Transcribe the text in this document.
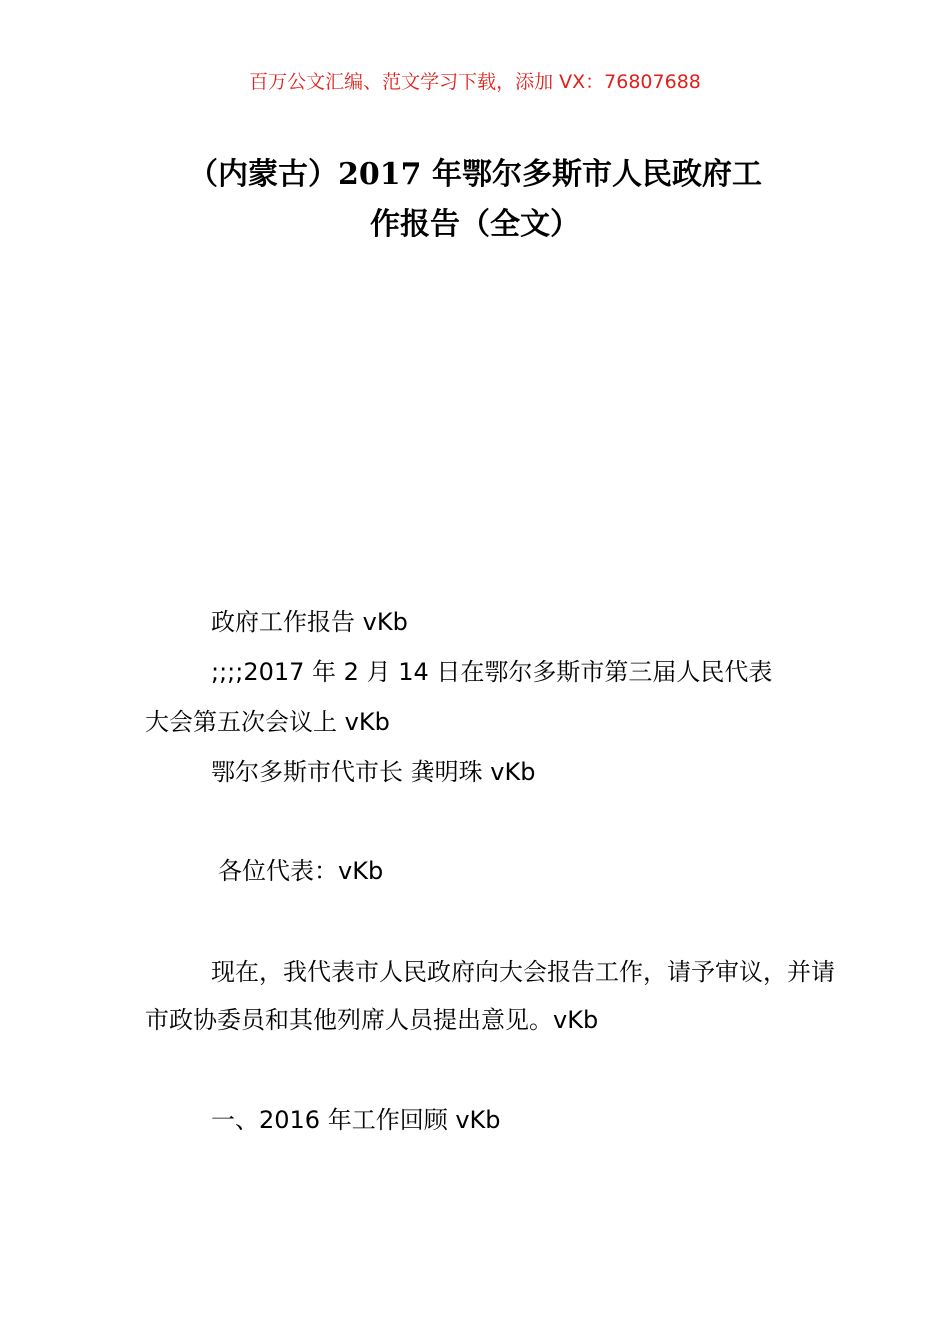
百万公文汇编、范文学习下载，添加 VX：76807688
（内蒙古）2017 年鄂尔多斯市人民政府工
作报告（全文）
政府工作报告 vKb
;;;;2017 年 2 月 14 日在鄂尔多斯市第三届人民代表
大会第五次会议上 vKb
鄂尔多斯市代市长 龚明珠 vKb
各位代表：vKb
现在，我代表市人民政府向大会报告工作，请予审议，并请市政协委员和其他列席人员提出意见。vKb
一、2016 年工作回顾 vKb
